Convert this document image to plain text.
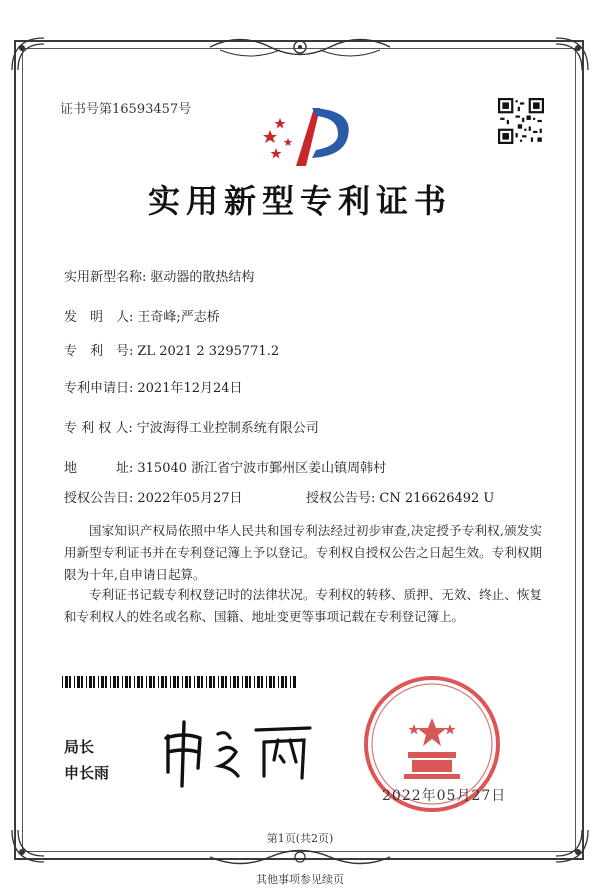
证书号第16593457号
实用新型专利证书
实用新型名称: 驱动器的散热结构
发　明　人: 王奇峰;严志桥
专　利　号: ZL 2021 2 3295771.2
专利申请日: 2021年12月24日
专 利 权 人: 宁波海得工业控制系统有限公司
地　　　址: 315040 浙江省宁波市鄞州区姜山镇周韩村
授权公告日: 2022年05月27日	授权公告号: CN 216626492 U
国家知识产权局依照中华人民共和国专利法经过初步审查,决定授予专利权,颁发实用新型专利证书并在专利登记簿上予以登记。专利权自授权公告之日起生效。专利权期限为十年,自申请日起算。
专利证书记载专利权登记时的法律状况。专利权的转移、质押、无效、终止、恢复和专利权人的姓名或名称、国籍、地址变更等事项记载在专利登记簿上。
局长
申长雨
2022年05月27日
第1页(共2页)
其他事项参见续页
